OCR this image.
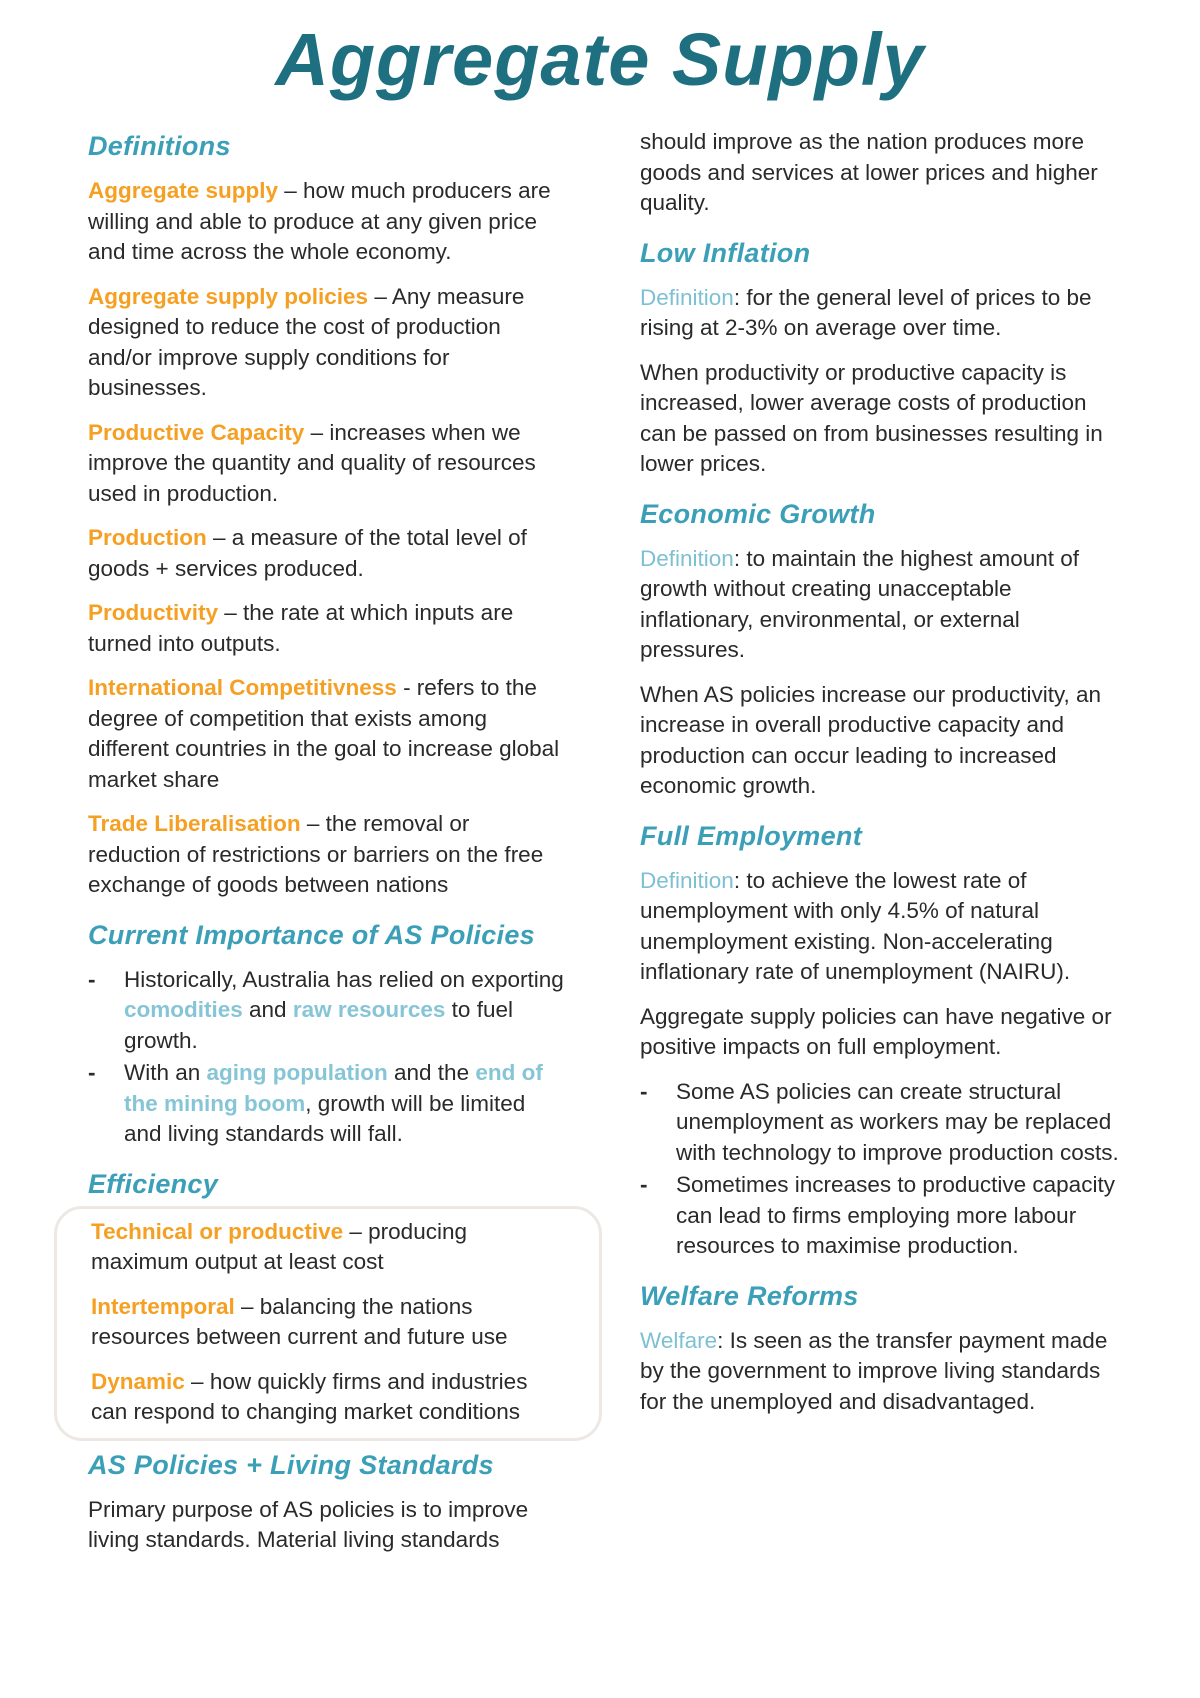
Aggregate Supply
Definitions

Aggregate supply – how much producers are willing and able to produce at any given price and time across the whole economy.

Aggregate supply policies – Any measure designed to reduce the cost of production and/or improve supply conditions for businesses.

Productive Capacity – increases when we improve the quantity and quality of resources used in production.

Production – a measure of the total level of goods + services produced.

Productivity – the rate at which inputs are turned into outputs.

International Competitivness - refers to the degree of competition that exists among different countries in the goal to increase global market share

Trade Liberalisation – the removal or reduction of restrictions or barriers on the free exchange of goods between nations

Current Importance of AS Policies
- Historically, Australia has relied on exporting comodities and raw resources to fuel growth.
- With an aging population and the end of the mining boom, growth will be limited and living standards will fall.
Efficiency

Technical or productive – producing maximum output at least cost

Intertemporal – balancing the nations resources between current and future use

Dynamic – how quickly firms and industries can respond to changing market conditions

AS Policies + Living Standards

Primary purpose of AS policies is to improve living standards. Material living standards

should improve as the nation produces more goods and services at lower prices and higher quality.

Low Inflation

Definition: for the general level of prices to be rising at 2-3% on average over time.

When productivity or productive capacity is increased, lower average costs of production can be passed on from businesses resulting in lower prices.

Economic Growth

Definition: to maintain the highest amount of growth without creating unacceptable inflationary, environmental, or external pressures.

When AS policies increase our productivity, an increase in overall productive capacity and production can occur leading to increased economic growth.

Full Employment

Definition: to achieve the lowest rate of unemployment with only 4.5% of natural unemployment existing. Non-accelerating inflationary rate of unemployment (NAIRU).

Aggregate supply policies can have negative or positive impacts on full employment.

- Some AS policies can create structural unemployment as workers may be replaced with technology to improve production costs.
- Sometimes increases to productive capacity can lead to firms employing more labour resources to maximise production.
Welfare Reforms

Welfare: Is seen as the transfer payment made by the government to improve living standards for the unemployed and disadvantaged.
